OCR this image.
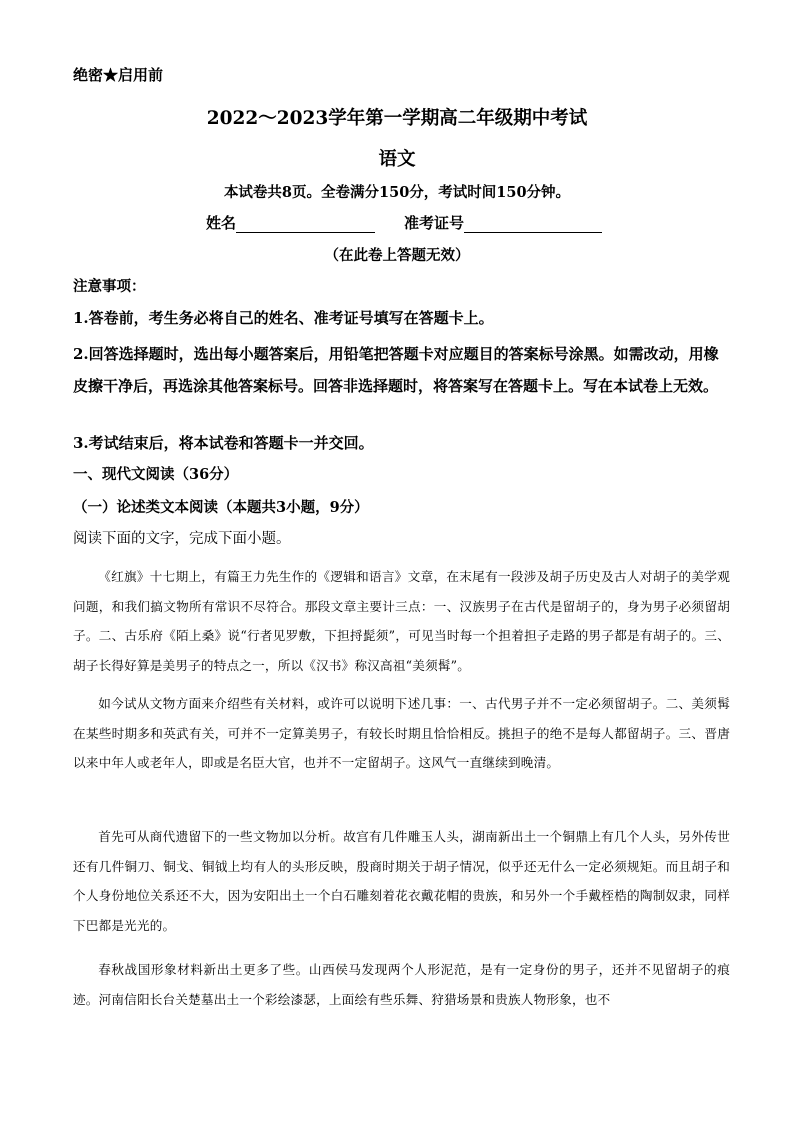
绝密★启用前
2022～2023学年第一学期高二年级期中考试
语文
本试卷共8页。全卷满分150分，考试时间150分钟。
姓名	准考证号
（在此卷上答题无效）
注意事项：
1.答卷前，考生务必将自己的姓名、准考证号填写在答题卡上。
2.回答选择题时，选出每小题答案后，用铅笔把答题卡对应题目的答案标号涂黑。如需改动，用橡皮擦干净后，再选涂其他答案标号。回答非选择题时，将答案写在答题卡上。写在本试卷上无效。
3.考试结束后，将本试卷和答题卡一并交回。
一、现代文阅读（36分）
（一）论述类文本阅读（本题共3小题，9分）
阅读下面的文字，完成下面小题。
《红旗》十七期上，有篇王力先生作的《逻辑和语言》文章，在末尾有一段涉及胡子历史及古人对胡子的美学观问题，和我们搞文物所有常识不尽符合。那段文章主要计三点：一、汉族男子在古代是留胡子的，身为男子必须留胡子。二、古乐府《陌上桑》说“行者见罗敷，下担捋髭须”，可见当时每一个担着担子走路的男子都是有胡子的。三、胡子长得好算是美男子的特点之一，所以《汉书》称汉高祖“美须髯”。
如今试从文物方面来介绍些有关材料，或许可以说明下述几事：一、古代男子并不一定必须留胡子。二、美须髯在某些时期多和英武有关，可并不一定算美男子，有较长时期且恰恰相反。挑担子的绝不是每人都留胡子。三、晋唐以来中年人或老年人，即或是名臣大官，也并不一定留胡子。这风气一直继续到晚清。
首先可从商代遗留下的一些文物加以分析。故宫有几件雕玉人头，湖南新出土一个铜鼎上有几个人头，另外传世还有几件铜刀、铜戈、铜钺上均有人的头形反映，殷商时期关于胡子情况，似乎还无什么一定必须规矩。而且胡子和个人身份地位关系还不大，因为安阳出土一个白石雕刻着花衣戴花帽的贵族，和另外一个手戴桎梏的陶制奴隶，同样下巴都是光光的。
春秋战国形象材料新出土更多了些。山西侯马发现两个人形泥范，是有一定身份的男子，还并不见留胡子的痕迹。河南信阳长台关楚墓出土一个彩绘漆瑟，上面绘有些乐舞、狩猎场景和贵族人物形象，也不
